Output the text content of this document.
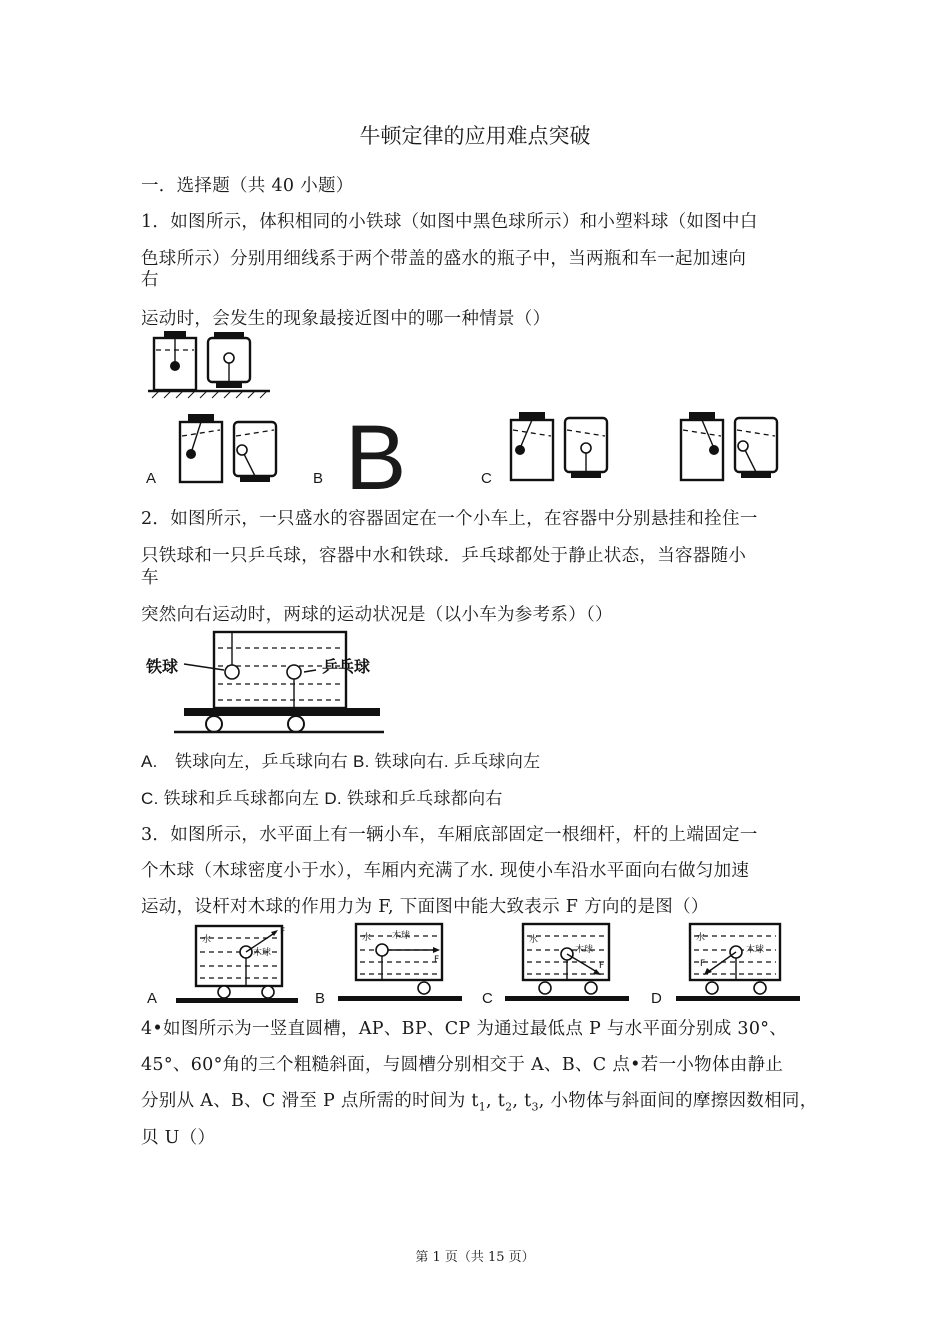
牛顿定律的应用难点突破
一．选择题（共 40 小题）
1．如图所示，体积相同的小铁球（如图中黑色球所示）和小塑料球（如图中白
色球所示）分别用细线系于两个带盖的盛水的瓶子中，当两瓶和车一起加速向
右
运动时，会发生的现象最接近图中的哪一种情景（）
A	B B	C
2．如图所示，一只盛水的容器固定在一个小车上，在容器中分别悬挂和拴住一
只铁球和一只乒乓球，容器中水和铁球．乒乓球都处于静止状态，当容器随小
车
突然向右运动时，两球的运动状况是（以小车为参考系）（）
铁球	乒乓球
A. 铁球向左，乒乓球向右 B. 铁球向右. 乒乓球向左
C. 铁球和乒乓球都向左 D. 铁球和乒乓球都向右
3．如图所示，水平面上有一辆小车，车厢底部固定一根细杆，杆的上端固定一
个木球（木球密度小于水），车厢内充满了水. 现使小车沿水平面向右做匀加速
运动，设杆对木球的作用力为 F, 下面图中能大致表示 F 方向的是图（）
水
木球
F
A
水 木球
F
B
水
木球
F
C
水
木球
F
D
4•如图所示为一竖直圆槽，AP、BP、CP 为通过最低点 P 与水平面分别成 30°、
45°、60°角的三个粗糙斜面，与圆槽分别相交于 A、B、C 点•若一小物体由静止
分别从 A、B、C 滑至 P 点所需的时间为 $t_1$, $t_2$, $t_3$, 小物体与斜面间的摩擦因数相同，
贝 U（）
第 1 页（共 15 页）
